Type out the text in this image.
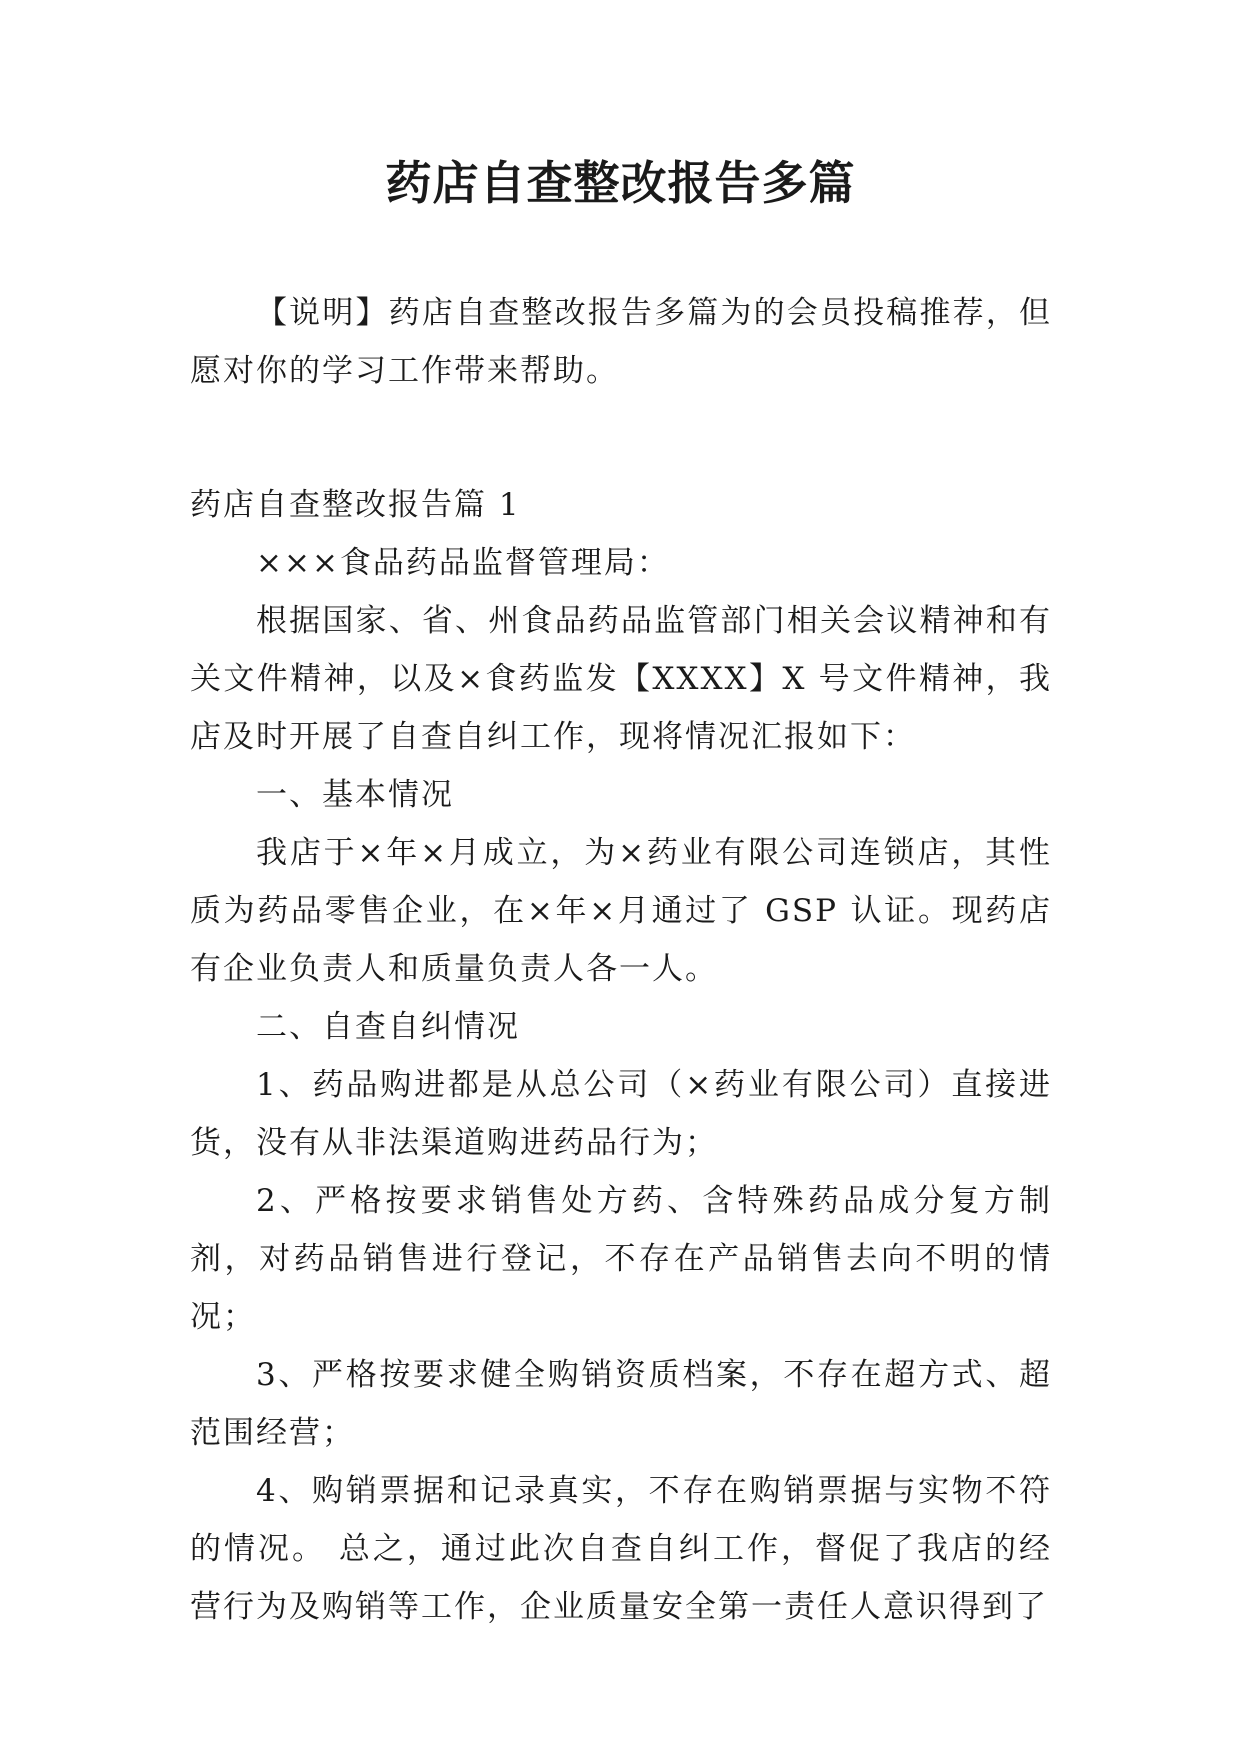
药店自查整改报告多篇

【说明】药店自查整改报告多篇为的会员投稿推荐，但愿对你的学习工作带来帮助。

药店自查整改报告篇 1

×××食品药品监督管理局：

根据国家、省、州食品药品监管部门相关会议精神和有关文件精神，以及×食药监发【XXXX】X 号文件精神，我店及时开展了自查自纠工作，现将情况汇报如下：

一、基本情况

我店于×年×月成立，为×药业有限公司连锁店，其性质为药品零售企业，在×年×月通过了 GSP 认证。现药店有企业负责人和质量负责人各一人。

二、自查自纠情况

1、药品购进都是从总公司（×药业有限公司）直接进货，没有从非法渠道购进药品行为；

2、严格按要求销售处方药、含特殊药品成分复方制剂，对药品销售进行登记，不存在产品销售去向不明的情况；

3、严格按要求健全购销资质档案，不存在超方式、超范围经营；

4、购销票据和记录真实，不存在购销票据与实物不符的情况。 总之，通过此次自查自纠工作，督促了我店的经营行为及购销等工作，企业质量安全第一责任人意识得到了
